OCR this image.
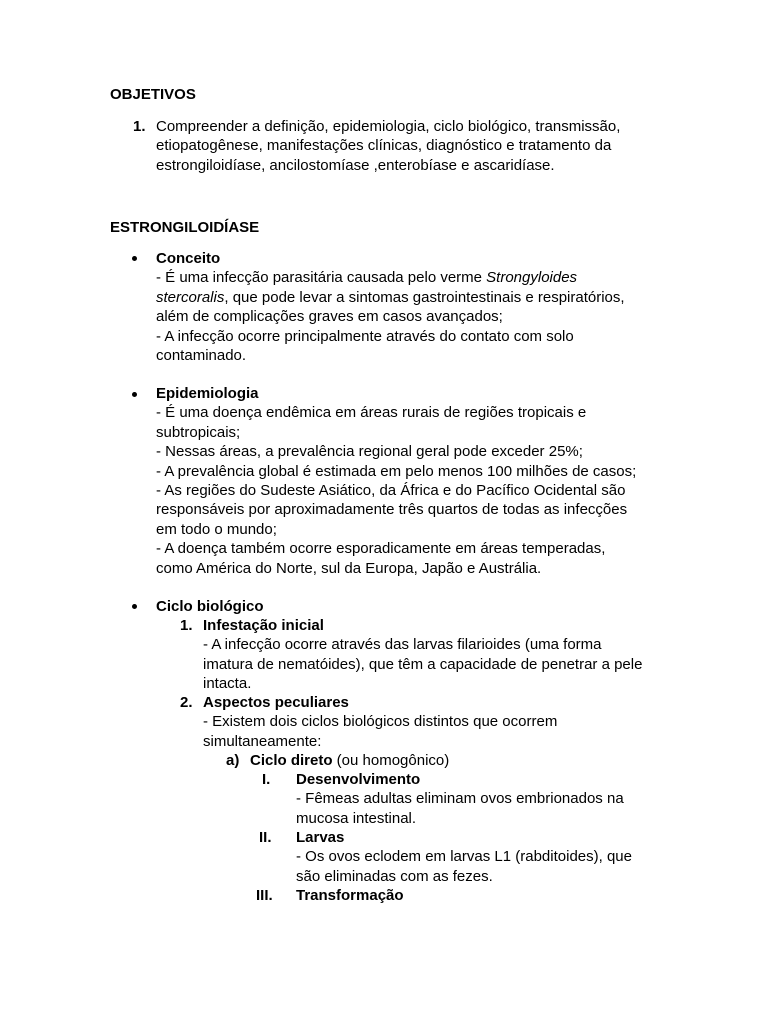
OBJETIVOS

1. Compreender a definição, epidemiologia, ciclo biológico, transmissão,
etiopatogênese, manifestações clínicas, diagnóstico e tratamento da
estrongiloidíase, ancilostomíase ,enterobíase e ascaridíase.

ESTRONGILOIDÍASE

Conceito
- É uma infecção parasitária causada pelo verme Strongyloides
stercoralis, que pode levar a sintomas gastrointestinais e respiratórios,
além de complicações graves em casos avançados;
- A infecção ocorre principalmente através do contato com solo
contaminado.
Epidemiologia
- É uma doença endêmica em áreas rurais de regiões tropicais e
subtropicais;
- Nessas áreas, a prevalência regional geral pode exceder 25%;
- A prevalência global é estimada em pelo menos 100 milhões de casos;
- As regiões do Sudeste Asiático, da África e do Pacífico Ocidental são
responsáveis por aproximadamente três quartos de todas as infecções
em todo o mundo;
- A doença também ocorre esporadicamente em áreas temperadas,
como América do Norte, sul da Europa, Japão e Austrália.
Ciclo biológico
1. Infestação inicial
- A infecção ocorre através das larvas filarioides (uma forma
imatura de nematóides), que têm a capacidade de penetrar a pele
intacta.
2. Aspectos peculiares
- Existem dois ciclos biológicos distintos que ocorrem
simultaneamente:
a) Ciclo direto (ou homogônico)
I. Desenvolvimento
- Fêmeas adultas eliminam ovos embrionados na
mucosa intestinal.
II. Larvas
- Os ovos eclodem em larvas L1 (rabditoides), que
são eliminadas com as fezes.
III. Transformação
